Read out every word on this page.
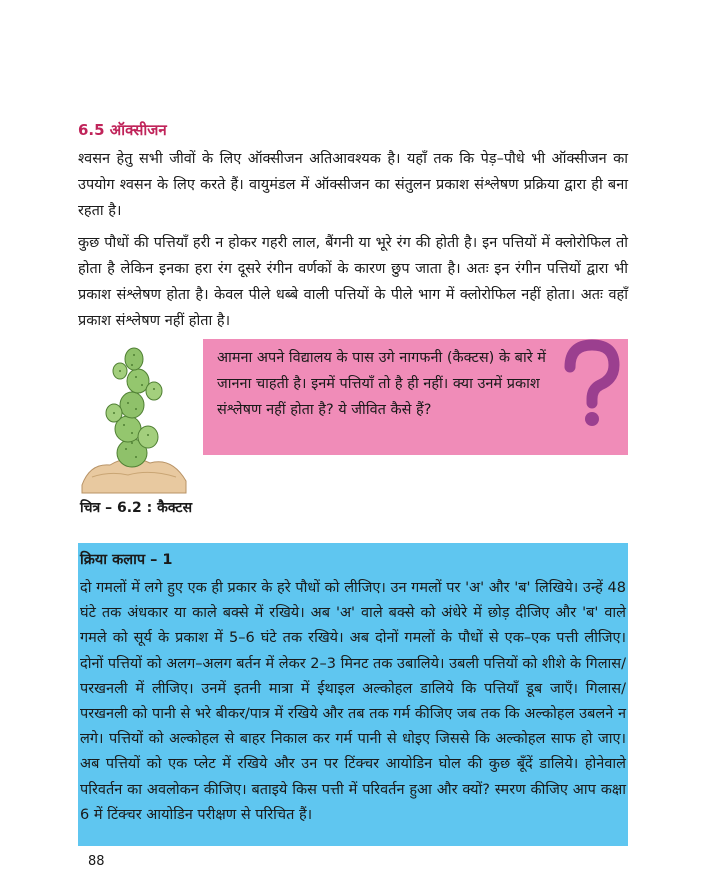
6.5 ऑक्सीजन

श्वसन हेतु सभी जीवों के लिए ऑक्सीजन अतिआवश्यक है। यहाँ तक कि पेड़–पौधे भी ऑक्सीजन का उपयोग श्वसन के लिए करते हैं। वायुमंडल में ऑक्सीजन का संतुलन प्रकाश संश्लेषण प्रक्रिया द्वारा ही बना रहता है।

कुछ पौधों की पत्तियाँ हरी न होकर गहरी लाल, बैंगनी या भूरे रंग की होती है। इन पत्तियों में क्लोरोफिल तो होता है लेकिन इनका हरा रंग दूसरे रंगीन वर्णकों के कारण छुप जाता है। अतः इन रंगीन पत्तियों द्वारा भी प्रकाश संश्लेषण होता है। केवल पीले धब्बे वाली पत्तियों के पीले भाग में क्लोरोफिल नहीं होता। अतः वहाँ प्रकाश संश्लेषण नहीं होता है।

चित्र – 6.2 : कैक्टस
आमना अपने विद्यालय के पास उगे नागफनी (कैक्टस) के बारे में जानना चाहती है। इनमें पत्तियाँ तो है ही नहीं। क्या उनमें प्रकाश संश्लेषण नहीं होता है? ये जीवित कैसे हैं?
क्रिया कलाप – 1
दो गमलों में लगे हुए एक ही प्रकार के हरे पौधों को लीजिए। उन गमलों पर 'अ' और 'ब' लिखिये। उन्हें 48 घंटे तक अंधकार या काले बक्से में रखिये। अब 'अ' वाले बक्से को अंधेरे में छोड़ दीजिए और 'ब' वाले गमले को सूर्य के प्रकाश में 5–6 घंटे तक रखिये। अब दोनों गमलों के पौधों से एक–एक पत्ती लीजिए। दोनों पत्तियों को अलग–अलग बर्तन में लेकर 2–3 मिनट तक उबालिये। उबली पत्तियों को शीशे के गिलास/परखनली में लीजिए। उनमें इतनी मात्रा में ईथाइल अल्कोहल डालिये कि पत्तियाँ डूब जाएँ। गिलास/परखनली को पानी से भरे बीकर/पात्र में रखिये और तब तक गर्म कीजिए जब तक कि अल्कोहल उबलने न लगे। पत्तियों को अल्कोहल से बाहर निकाल कर गर्म पानी से धोइए जिससे कि अल्कोहल साफ हो जाए। अब पत्तियों को एक प्लेट में रखिये और उन पर टिंक्चर आयोडिन घोल की कुछ बूँदें डालिये। होनेवाले परिवर्तन का अवलोकन कीजिए। बताइये किस पत्ती में परिवर्तन हुआ और क्यों? स्मरण कीजिए आप कक्षा 6 में टिंक्चर आयोडिन परीक्षण से परिचित हैं।
88
